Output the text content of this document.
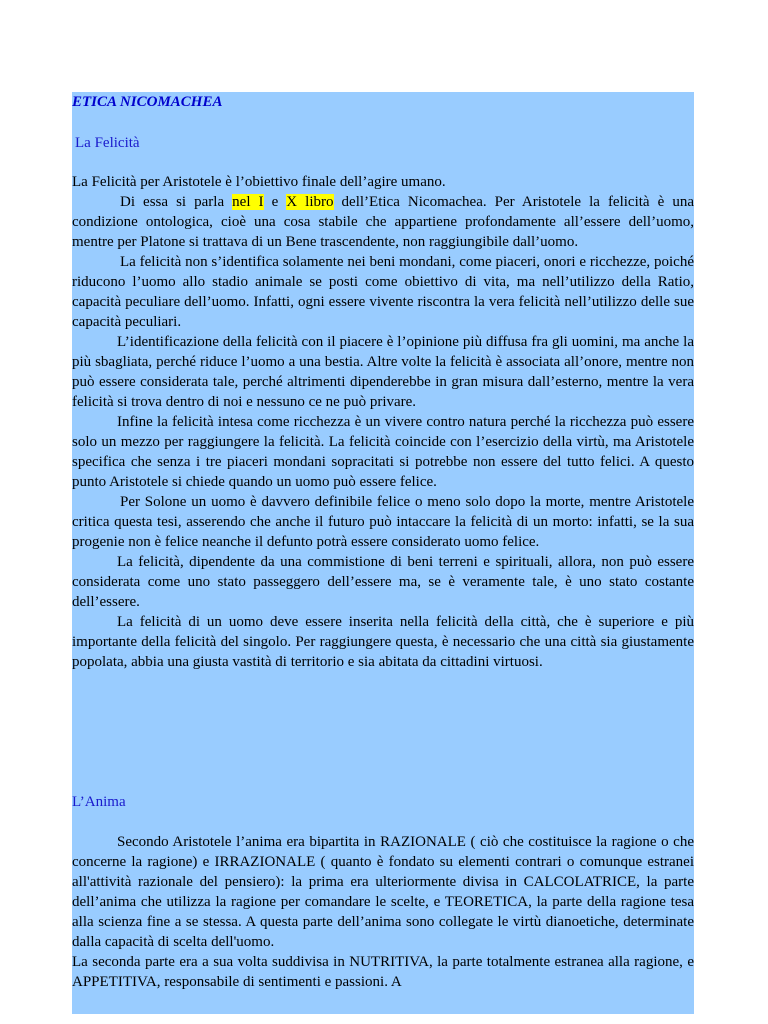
ETICA NICOMACHEA
La Felicità

La Felicità per Aristotele è l’obiettivo finale dell’agire umano.

Di essa si parla nel I e X libro dell’Etica Nicomachea. Per Aristotele la felicità è una condizione ontologica, cioè una cosa stabile che appartiene profondamente all’essere dell’uomo, mentre per Platone si trattava di un Bene trascendente, non raggiungibile dall’uomo.

La felicità non s’identifica solamente nei beni mondani, come piaceri, onori e ricchezze, poiché riducono l’uomo allo stadio animale se posti come obiettivo di vita, ma nell’utilizzo della Ratio, capacità peculiare dell’uomo. Infatti, ogni essere vivente riscontra la vera felicità nell’utilizzo delle sue capacità peculiari.

L’identificazione della felicità con il piacere è l’opinione più diffusa fra gli uomini, ma anche la più sbagliata, perché riduce l’uomo a una bestia. Altre volte la felicità è associata all’onore, mentre non può essere considerata tale, perché altrimenti dipenderebbe in gran misura dall’esterno, mentre la vera felicità si trova dentro di noi e nessuno ce ne può privare.

Infine la felicità intesa come ricchezza è un vivere contro natura perché la ricchezza può essere solo un mezzo per raggiungere la felicità. La felicità coincide con l’esercizio della virtù, ma Aristotele specifica che senza i tre piaceri mondani sopracitati si potrebbe non essere del tutto felici. A questo punto Aristotele si chiede quando un uomo può essere felice.

Per Solone un uomo è davvero definibile felice o meno solo dopo la morte, mentre Aristotele critica questa tesi, asserendo che anche il futuro può intaccare la felicità di un morto: infatti, se la sua progenie non è felice neanche il defunto potrà essere considerato uomo felice.

La felicità, dipendente da una commistione di beni terreni e spirituali, allora, non può essere considerata come uno stato passeggero dell’essere ma, se è veramente tale, è uno stato costante dell’essere.

La felicità di un uomo deve essere inserita nella felicità della città, che è superiore e più importante della felicità del singolo. Per raggiungere questa, è necessario che una città sia giustamente popolata, abbia una giusta vastità di territorio e sia abitata da cittadini virtuosi.

L’Anima

Secondo Aristotele l’anima era bipartita in RAZIONALE ( ciò che costituisce la ragione o che concerne la ragione) e IRRAZIONALE ( quanto è fondato su elementi contrari o comunque estranei all'attività razionale del pensiero): la prima era ulteriormente divisa in CALCOLATRICE, la parte dell’anima che utilizza la ragione per comandare le scelte, e TEORETICA, la parte della ragione tesa alla scienza fine a se stessa. A questa parte dell’anima sono collegate le virtù dianoetiche, determinate dalla capacità di scelta dell'uomo.

La seconda parte era a sua volta suddivisa in NUTRITIVA, la parte totalmente estranea alla ragione, e APPETITIVA, responsabile di sentimenti e passioni. A
